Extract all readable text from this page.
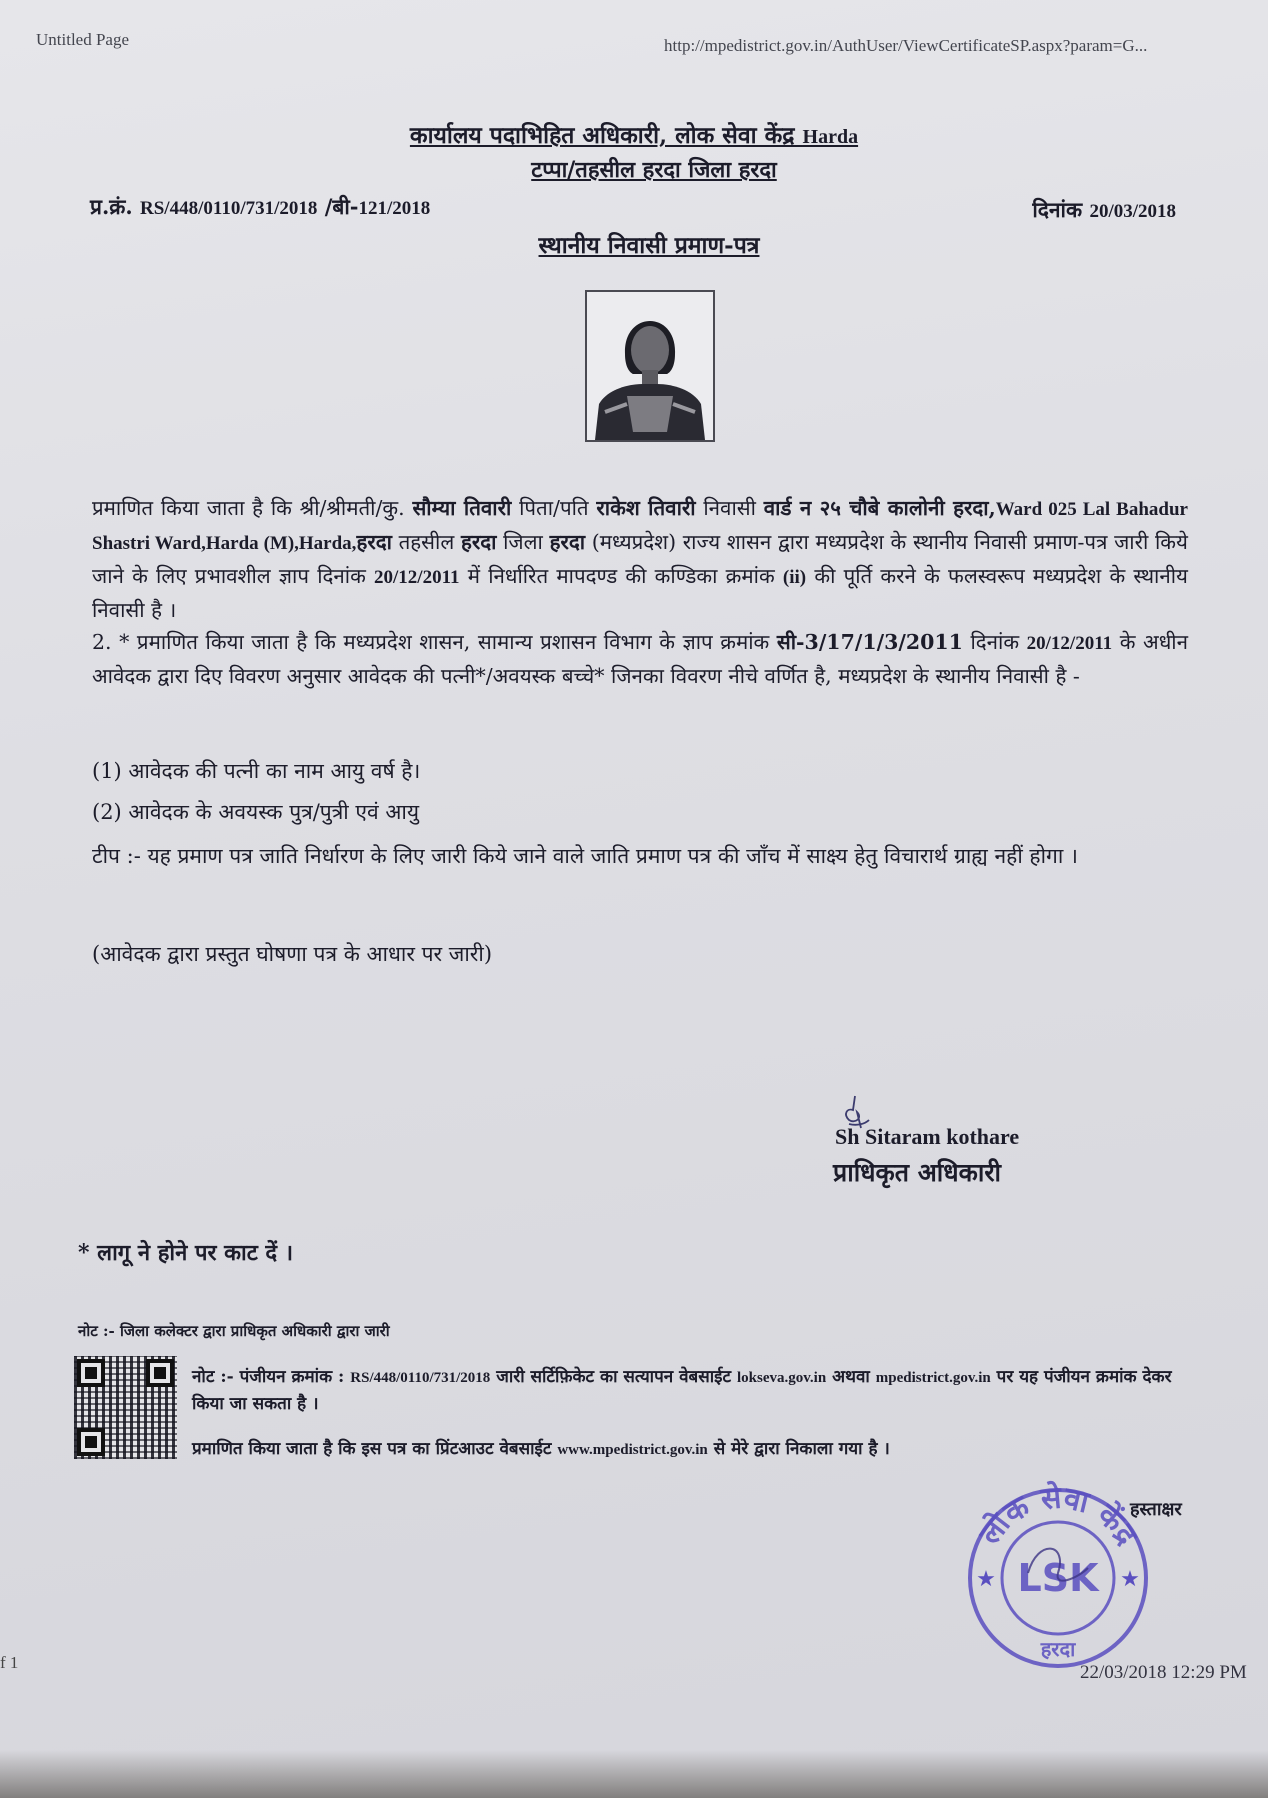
Untitled Page	http://mpedistrict.gov.in/AuthUser/ViewCertificateSP.aspx?param=G...
कार्यालय पदाभिहित अधिकारी, लोक सेवा केंद्र Harda
टप्पा/तहसील हरदा जिला हरदा
प्र.क्रं. RS/448/0110/731/2018 /बी-121/2018	दिनांक 20/03/2018
स्थानीय निवासी प्रमाण-पत्र
प्रमाणित किया जाता है कि श्री/श्रीमती/कु. सौम्या तिवारी पिता/पति राकेश तिवारी निवासी वार्ड न २५ चौबे कालोनी हरदा,Ward 025 Lal Bahadur Shastri Ward,Harda (M),Harda,हरदा तहसील हरदा जिला हरदा (मध्यप्रदेश) राज्य शासन द्वारा मध्यप्रदेश के स्थानीय निवासी प्रमाण-पत्र जारी किये जाने के लिए प्रभावशील ज्ञाप दिनांक 20/12/2011 में निर्धारित मापदण्ड की कण्डिका क्रमांक (ii) की पूर्ति करने के फलस्वरूप मध्यप्रदेश के स्थानीय निवासी है ।
2. * प्रमाणित किया जाता है कि मध्यप्रदेश शासन, सामान्य प्रशासन विभाग के ज्ञाप क्रमांक सी-3/17/1/3/2011 दिनांक 20/12/2011 के अधीन आवेदक द्वारा दिए विवरण अनुसार आवेदक की पत्नी*/अवयस्क बच्चे* जिनका विवरण नीचे वर्णित है, मध्यप्रदेश के स्थानीय निवासी है -
(1) आवेदक की पत्नी का नाम आयु वर्ष है।
(2) आवेदक के अवयस्क पुत्र/पुत्री एवं आयु
टीप :- यह प्रमाण पत्र जाति निर्धारण के लिए जारी किये जाने वाले जाति प्रमाण पत्र की जाँच में साक्ष्य हेतु विचारार्थ ग्राह्य नहीं होगा ।
(आवेदक द्वारा प्रस्तुत घोषणा पत्र के आधार पर जारी)
Sh Sitaram kothare
प्राधिकृत अधिकारी
* लागू ने होने पर काट दें ।
नोट :- जिला कलेक्टर द्वारा प्राधिकृत अधिकारी द्वारा जारी
नोट :- पंजीयन क्रमांक : RS/448/0110/731/2018 जारी सर्टिफ़िकेट का सत्यापन वेबसाईट lokseva.gov.in अथवा mpedistrict.gov.in पर यह पंजीयन क्रमांक देकर किया जा सकता है ।
प्रमाणित किया जाता है कि इस पत्र का प्रिंटआउट वेबसाईट www.mpedistrict.gov.in से मेरे द्वारा निकाला गया है ।
लोक सेवा केंद्र
LSK
हरदा
★	★
हस्ताक्षर
22/03/2018 12:29 PM
f 1
